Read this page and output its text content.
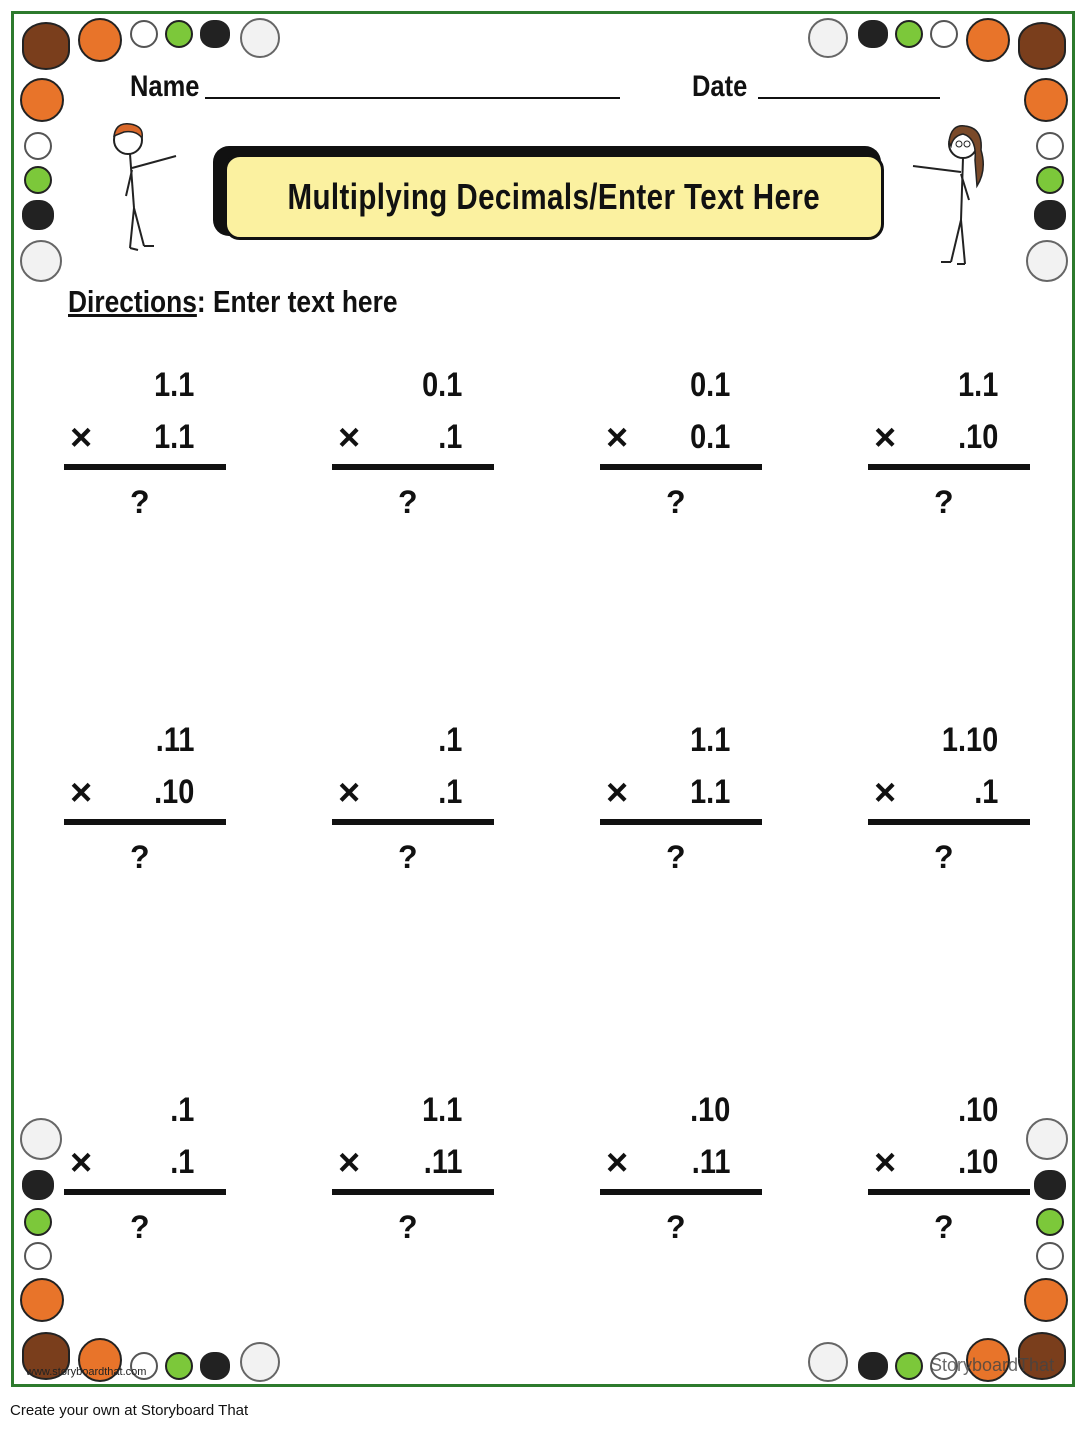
Name	Date
Multiplying Decimals/Enter Text Here
Directions: Enter text here
1.1
× 1.1
?
0.1
× .1
?
0.1
× 0.1
?
1.1
× .10
?
.11
× .10
?
.1
× .1
?
1.1
× 1.1
?
1.10
× .1
?
.1
× .1
?
1.1
× .11
?
.10
× .11
?
.10
× .10
?
www.storyboardthat.com	StoryboardThat
Create your own at Storyboard That
